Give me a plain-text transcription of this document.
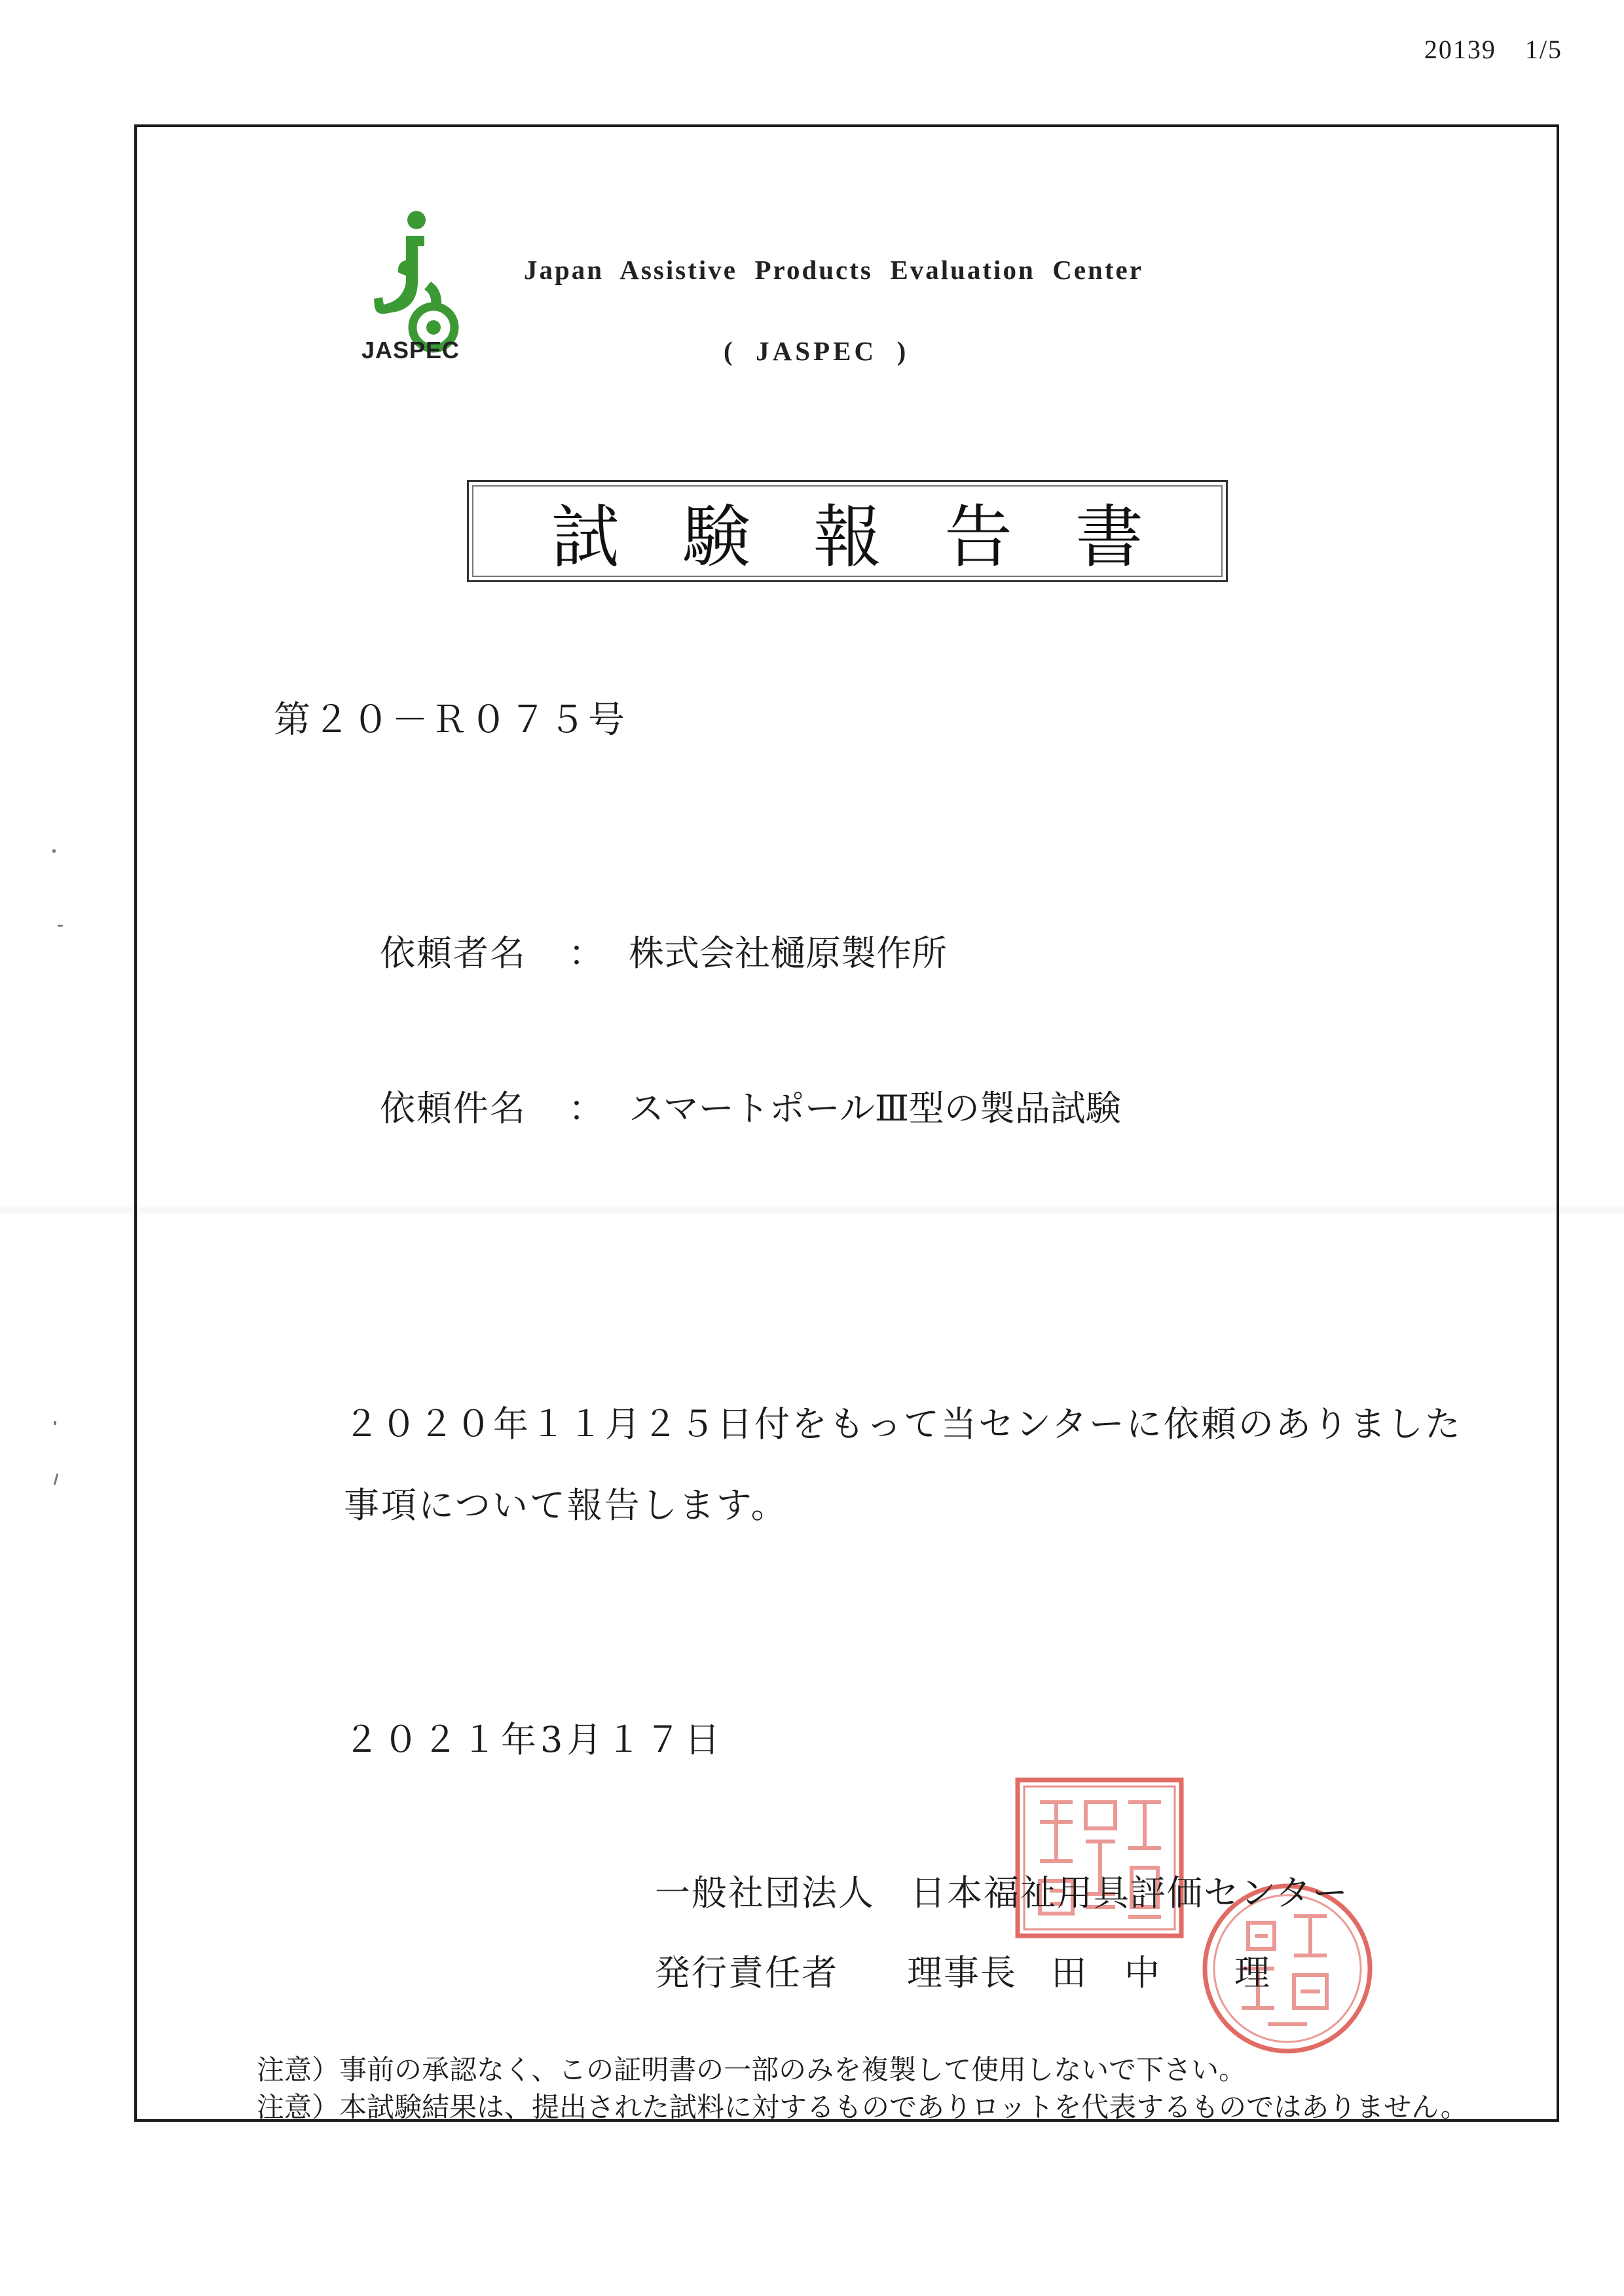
20139 1/5
JASPEC
Japan  Assistive  Products  Evaluation  Center
(  JASPEC  )
試験報告書
第２０－Ｒ０７５号
依頼者名 ： 株式会社樋原製作所
依頼件名 ： スマートポールⅢ型の製品試験
２０２０年１１月２５日付をもって当センターに依頼のありました
事項について報告します。
２０２１年3月１７日
一般社団法人 日本福祉用具評価センター
発行責任者 理事長 田　中　　理
注意）事前の承認なく、この証明書の一部のみを複製して使用しないで下さい。
注意）本試験結果は、提出された試料に対するものでありロットを代表するものではありません。
